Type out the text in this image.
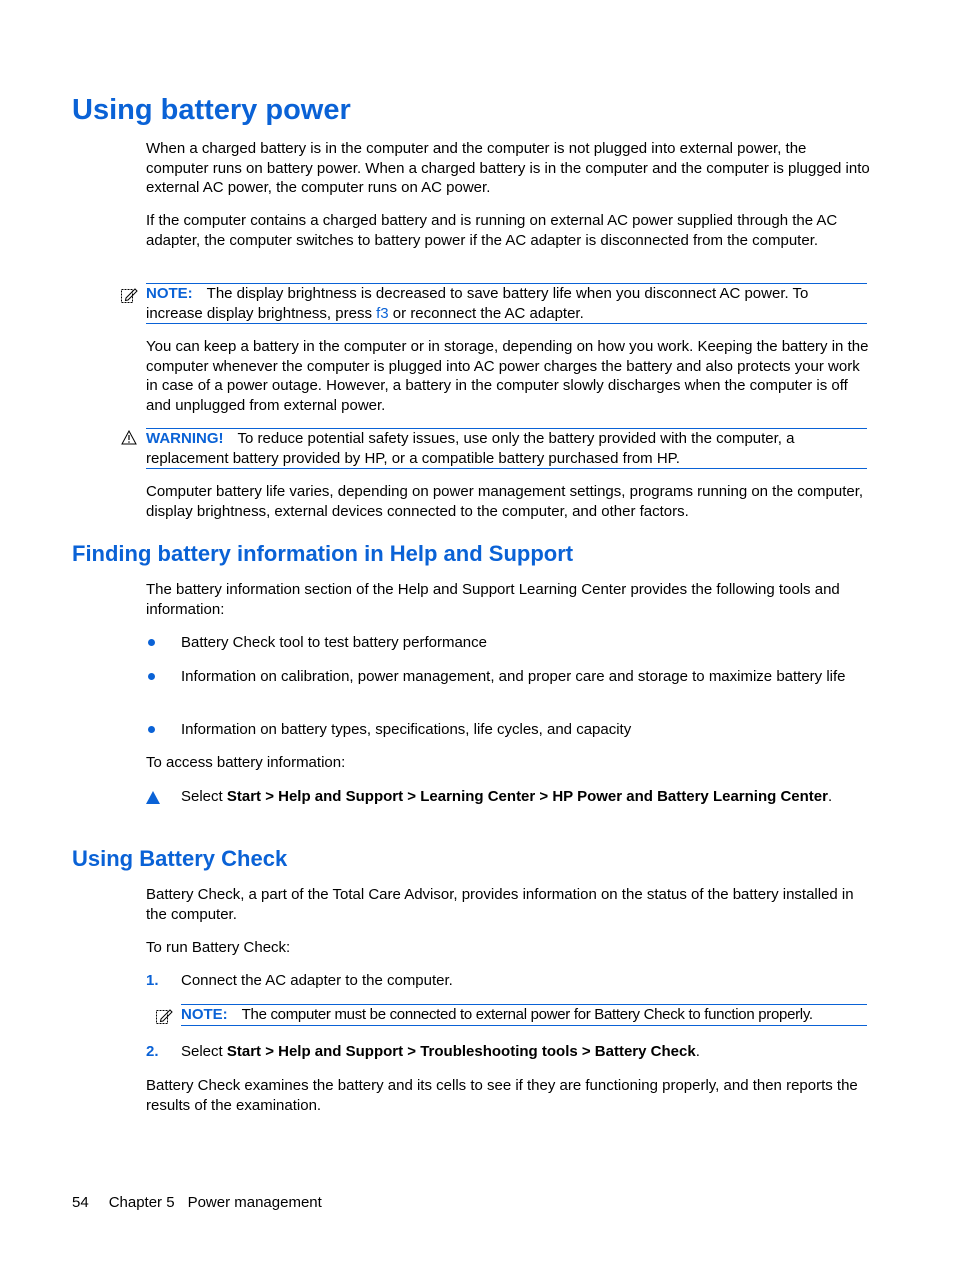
Using battery power

When a charged battery is in the computer and the computer is not plugged into external power, the computer runs on battery power. When a charged battery is in the computer and the computer is plugged into external AC power, the computer runs on AC power.

If the computer contains a charged battery and is running on external AC power supplied through the AC adapter, the computer switches to battery power if the AC adapter is disconnected from the computer.

NOTE: The display brightness is decreased to save battery life when you disconnect AC power. To increase display brightness, press f3 or reconnect the AC adapter.

You can keep a battery in the computer or in storage, depending on how you work. Keeping the battery in the computer whenever the computer is plugged into AC power charges the battery and also protects your work in case of a power outage. However, a battery in the computer slowly discharges when the computer is off and unplugged from external power.

WARNING! To reduce potential safety issues, use only the battery provided with the computer, a replacement battery provided by HP, or a compatible battery purchased from HP.

Computer battery life varies, depending on power management settings, programs running on the computer, display brightness, external devices connected to the computer, and other factors.

Finding battery information in Help and Support

The battery information section of the Help and Support Learning Center provides the following tools and information:

Battery Check tool to test battery performance

Information on calibration, power management, and proper care and storage to maximize battery life

Information on battery types, specifications, life cycles, and capacity

To access battery information:

Select Start > Help and Support > Learning Center > HP Power and Battery Learning Center.

Using Battery Check

Battery Check, a part of the Total Care Advisor, provides information on the status of the battery installed in the computer.

To run Battery Check:

1. Connect the AC adapter to the computer.

NOTE: The computer must be connected to external power for Battery Check to function properly.
2. Select Start > Help and Support > Troubleshooting tools > Battery Check.

Battery Check examines the battery and its cells to see if they are functioning properly, and then reports the results of the examination.

54 Chapter 5 Power management
